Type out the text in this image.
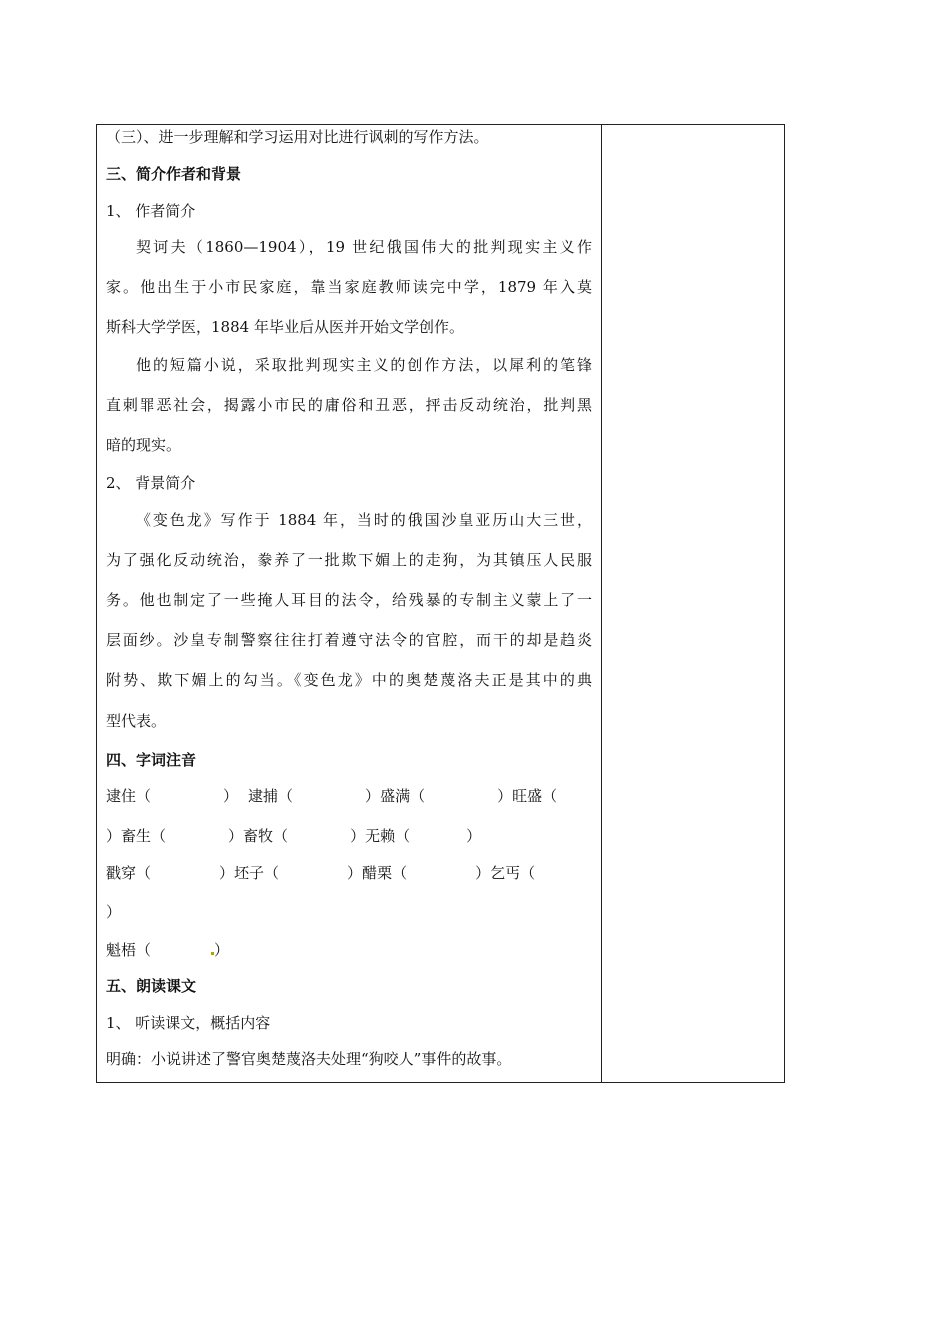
（三）、进一步理解和学习运用对比进行讽刺的写作方法。
三、简介作者和背景
1、 作者简介
契诃夫（1860—1904），19 世纪俄国伟大的批判现实主义作
家。他出生于小市民家庭，靠当家庭教师读完中学，1879 年入莫
斯科大学学医，1884 年毕业后从医并开始文学创作。
他的短篇小说，采取批判现实主义的创作方法，以犀利的笔锋
直刺罪恶社会，揭露小市民的庸俗和丑恶，抨击反动统治，批判黑
暗的现实。
2、 背景简介
《变色龙》写作于 1884 年，当时的俄国沙皇亚历山大三世，
为了强化反动统治，豢养了一批欺下媚上的走狗，为其镇压人民服
务。他也制定了一些掩人耳目的法令，给残暴的专制主义蒙上了一
层面纱。沙皇专制警察往往打着遵守法令的官腔，而干的却是趋炎
附势、欺下媚上的勾当。《变色龙》中的奥楚蔑洛夫正是其中的典
型代表。
四、字词注音
逮住（	） 逮捕（	）盛满（	）旺盛（
）畜生（	）畜牧（	）无赖（	）
戳穿（	）坯子（	）醋栗（	）乞丐（
）
魁梧（	）
五、朗读课文
1、 听读课文，概括内容
明确：小说讲述了警官奥楚蔑洛夫处理“狗咬人”事件的故事。
